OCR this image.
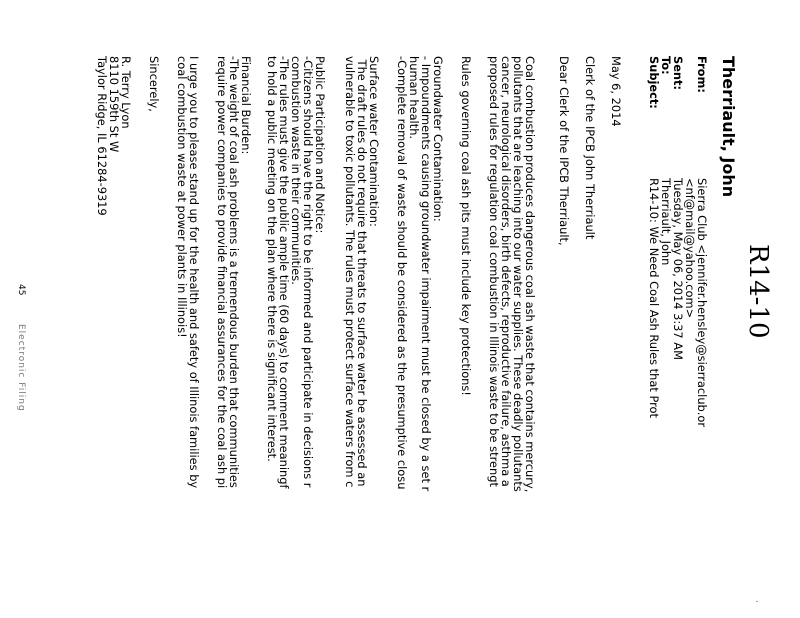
·
R14-10
Therriault, John
From:
Sierra Club <jennifer.hensley@sierraclub.or
<nf@mail@yahoo.com>
Sent:
Tuesday, May 06, 2014 3:37 AM
To:
Therriault, John
Subject:
R14-10: We Need Coal Ash Rules that Prot
May 6, 2014
Clerk of the IPCB John Therriault
Dear Clerk of the IPCB Therriault,
Coal combustion produces dangerous coal ash waste that contains mercury,
pollutants that are leaching into our water supplies. These deadly pollutants
cancer, neurological disorders, birth defects, reproductive failure, asthma a
proposed rules for regulation coal combustion in Illinois waste to be strengt
Rules governing coal ash pits must include key protections!
Groundwater Contamination:
- Impoundments causing groundwater impairment must be closed by a set r
human health.
-Complete removal of waste should be considered as the presumptive closu
Surface water Contamination:
The draft rules do not require that threats to surface water be assessed an
vulnerable to toxic pollutants. The rules must protect surface waters from c
Public Participation and Notice:
-Citizens should have the right to be informed and participate in decisions r
combustion waste in their communities.
-The rules must give the public ample time (60 days) to comment meaningf
to hold a public meeting on the plan where there is significant interest.
Financial Burden:
-The weight of coal ash problems is a tremendous burden that communities
require power companies to provide financial assurances for the coal ash pi
I urge you to please stand up for the health and safety of Illinois families by
coal combustion waste at power plants in Illinois!
Sincerely,
R. Terry Lyon
8110 159th St W
Taylor Ridge, IL 61284-9319
45
Electronic Filing
